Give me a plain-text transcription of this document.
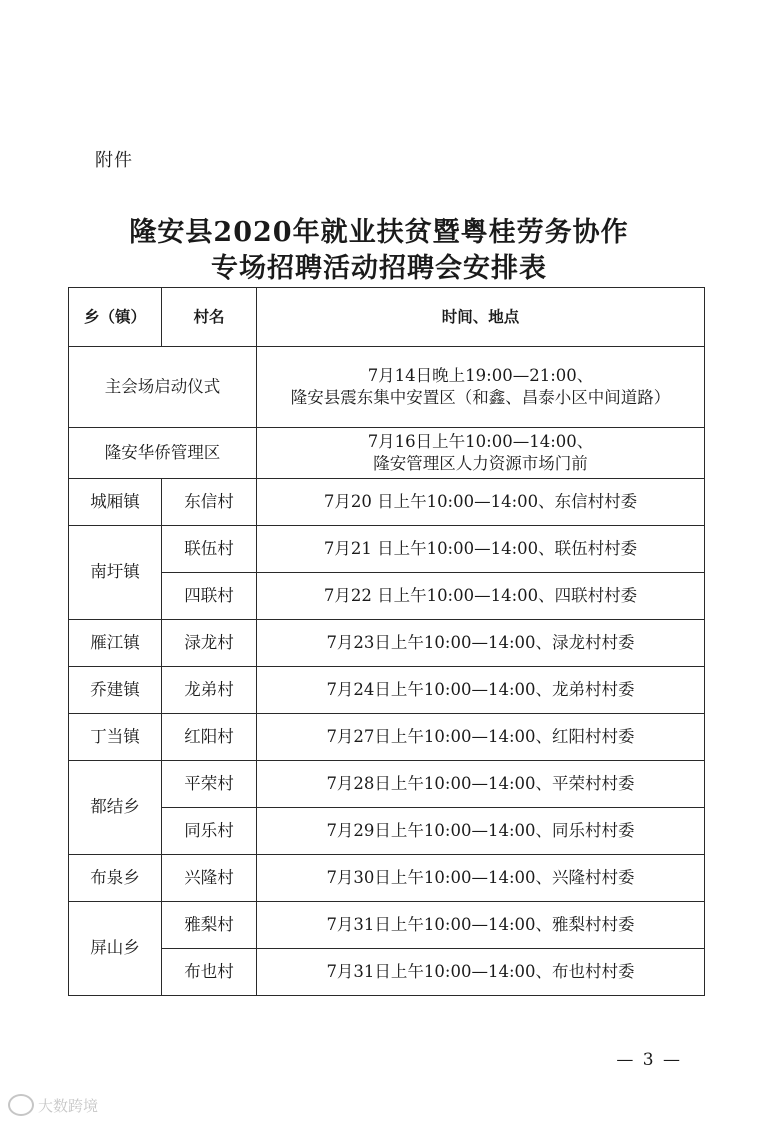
附件
隆安县2020年就业扶贫暨粤桂劳务协作
专场招聘活动招聘会安排表
乡（镇）	村名	时间、地点
主会场启动仪式		7月14日晚上19:00—21:00、
隆安县震东集中安置区（和鑫、昌泰小区中间道路）

隆安华侨管理区		7月16日上午10:00—14:00、
隆安管理区人力资源市场门前

城厢镇	东信村	7月20 日上午10:00—14:00、东信村村委
南圩镇	联伍村	7月21 日上午10:00—14:00、联伍村村委
	四联村	7月22 日上午10:00—14:00、四联村村委
雁江镇	渌龙村	7月23日上午10:00—14:00、渌龙村村委
乔建镇	龙弟村	7月24日上午10:00—14:00、龙弟村村委
丁当镇	红阳村	7月27日上午10:00—14:00、红阳村村委
都结乡	平荣村	7月28日上午10:00—14:00、平荣村村委
	同乐村	7月29日上午10:00—14:00、同乐村村委
布泉乡	兴隆村	7月30日上午10:00—14:00、兴隆村村委
屏山乡	雅梨村	7月31日上午10:00—14:00、雅梨村村委
	布也村	7月31日上午10:00—14:00、布也村村委
— 3 —
大数跨境
